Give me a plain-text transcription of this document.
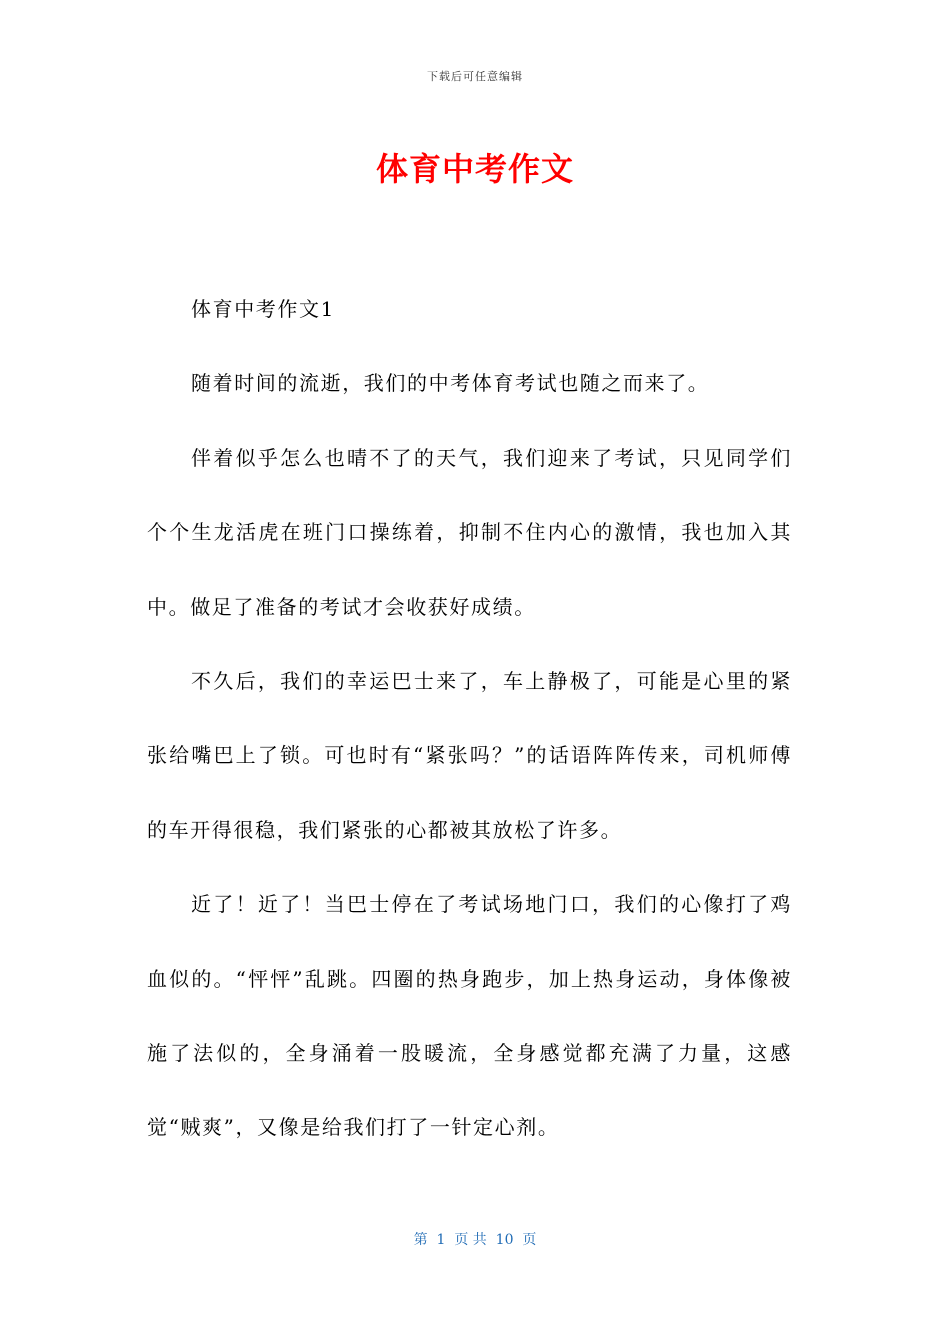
下载后可任意编辑
体育中考作文

体育中考作文1

随着时间的流逝，我们的中考体育考试也随之而来了。

伴着似乎怎么也晴不了的天气，我们迎来了考试，只见同学们个个生龙活虎在班门口操练着，抑制不住内心的激情，我也加入其中。做足了准备的考试才会收获好成绩。

不久后，我们的幸运巴士来了，车上静极了，可能是心里的紧张给嘴巴上了锁。可也时有“紧张吗？”的话语阵阵传来，司机师傅的车开得很稳，我们紧张的心都被其放松了许多。

近了！近了！当巴士停在了考试场地门口，我们的心像打了鸡血似的。“怦怦”乱跳。四圈的热身跑步，加上热身运动，身体像被施了法似的，全身涌着一股暖流，全身感觉都充满了力量，这感觉“贼爽”，又像是给我们打了一针定心剂。

第  1  页 共  10  页
